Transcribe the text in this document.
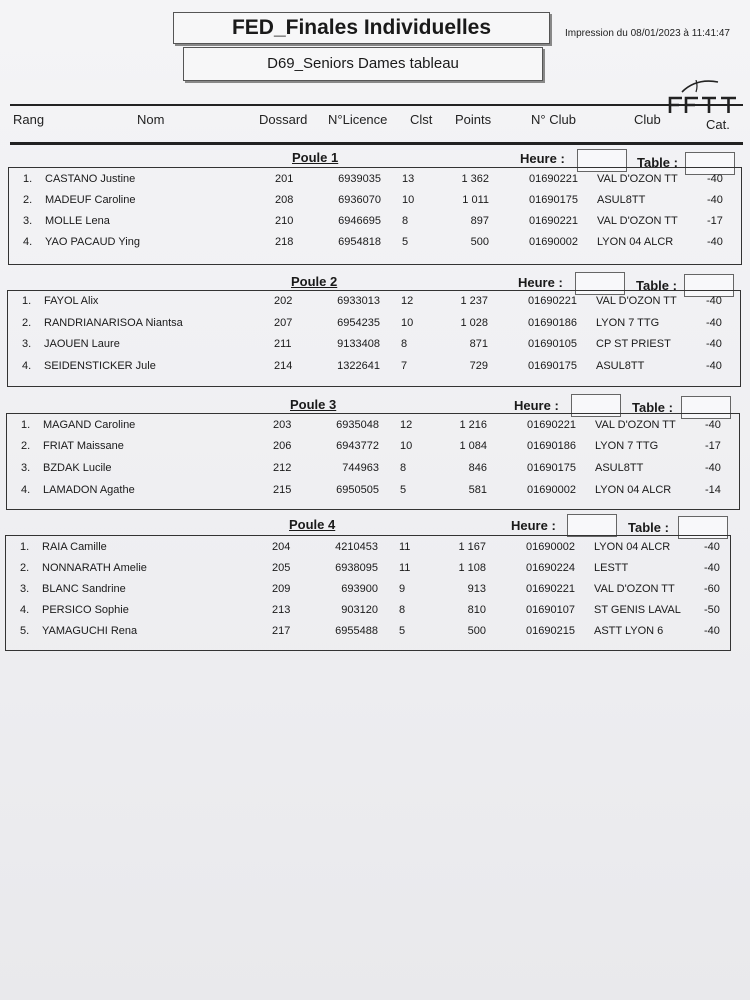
FED_Finales Individuelles
D69_Seniors Dames tableau
Impression du 08/01/2023 à 11:41:47
Rang	Nom	Dossard N°Licence Clst Points	N° Club	Club	Cat.
Poule 1	Heure :	Table :
1. CASTANO Justine	201	6939035 13	1 362	01690221 VAL D'OZON TT	-40
2. MADEUF Caroline	208	6936070 10	1 011	01690175 ASUL8TT	-40
3. MOLLE Lena	210	6946695 8	897	01690221 VAL D'OZON TT	-17
4. YAO PACAUD Ying	218	6954818 5	500	01690002 LYON 04 ALCR	-40
Poule 2	Heure :	Table :
1. FAYOL Alix	202	6933013 12	1 237	01690221 VAL D'OZON TT	-40
2. RANDRIANARISOA Niantsa	207	6954235 10	1 028	01690186 LYON 7 TTG	-40
3. JAOUEN Laure	211	9133408 8	871	01690105 CP ST PRIEST	-40
4. SEIDENSTICKER Jule	214	1322641 7	729	01690175 ASUL8TT	-40
Poule 3	Heure :	Table :
1. MAGAND Caroline	203	6935048 12	1 216	01690221 VAL D'OZON TT	-40
2. FRIAT Maissane	206	6943772 10	1 084	01690186 LYON 7 TTG	-17
3. BZDAK Lucile	212	744963 8	846	01690175 ASUL8TT	-40
4. LAMADON Agathe	215	6950505 5	581	01690002 LYON 04 ALCR	-14
Poule 4	Heure :	Table :
1. RAIA Camille	204	4210453 11	1 167	01690002 LYON 04 ALCR	-40
2. NONNARATH Amelie	205	6938095 11	1 108	01690224 LESTT	-40
3. BLANC Sandrine	209	693900 9	913	01690221 VAL D'OZON TT	-60
4. PERSICO Sophie	213	903120 8	810	01690107 ST GENIS LAVAL -50
5. YAMAGUCHI Rena	217	6955488 5	500	01690215 ASTT LYON 6	-40
